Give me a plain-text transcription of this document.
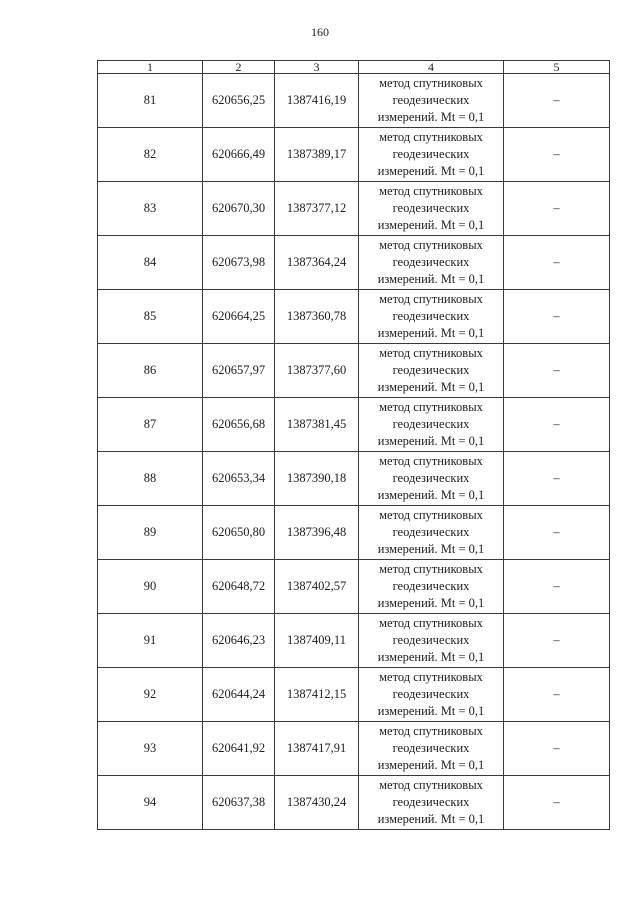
160
1	2	3	4	5
81	620656,25	1387416,19	метод спутниковых
геодезических
измерений. Mt = 0,1	–
82	620666,49	1387389,17	метод спутниковых
геодезических
измерений. Mt = 0,1	–
83	620670,30	1387377,12	метод спутниковых
геодезических
измерений. Mt = 0,1	–
84	620673,98	1387364,24	метод спутниковых
геодезических
измерений. Mt = 0,1	–
85	620664,25	1387360,78	метод спутниковых
геодезических
измерений. Mt = 0,1	–
86	620657,97	1387377,60	метод спутниковых
геодезических
измерений. Mt = 0,1	–
87	620656,68	1387381,45	метод спутниковых
геодезических
измерений. Mt = 0,1	–
88	620653,34	1387390,18	метод спутниковых
геодезических
измерений. Mt = 0,1	–
89	620650,80	1387396,48	метод спутниковых
геодезических
измерений. Mt = 0,1	–
90	620648,72	1387402,57	метод спутниковых
геодезических
измерений. Mt = 0,1	–
91	620646,23	1387409,11	метод спутниковых
геодезических
измерений. Mt = 0,1	–
92	620644,24	1387412,15	метод спутниковых
геодезических
измерений. Mt = 0,1	–
93	620641,92	1387417,91	метод спутниковых
геодезических
измерений. Mt = 0,1	–
94	620637,38	1387430,24	метод спутниковых
геодезических
измерений. Mt = 0,1	–
